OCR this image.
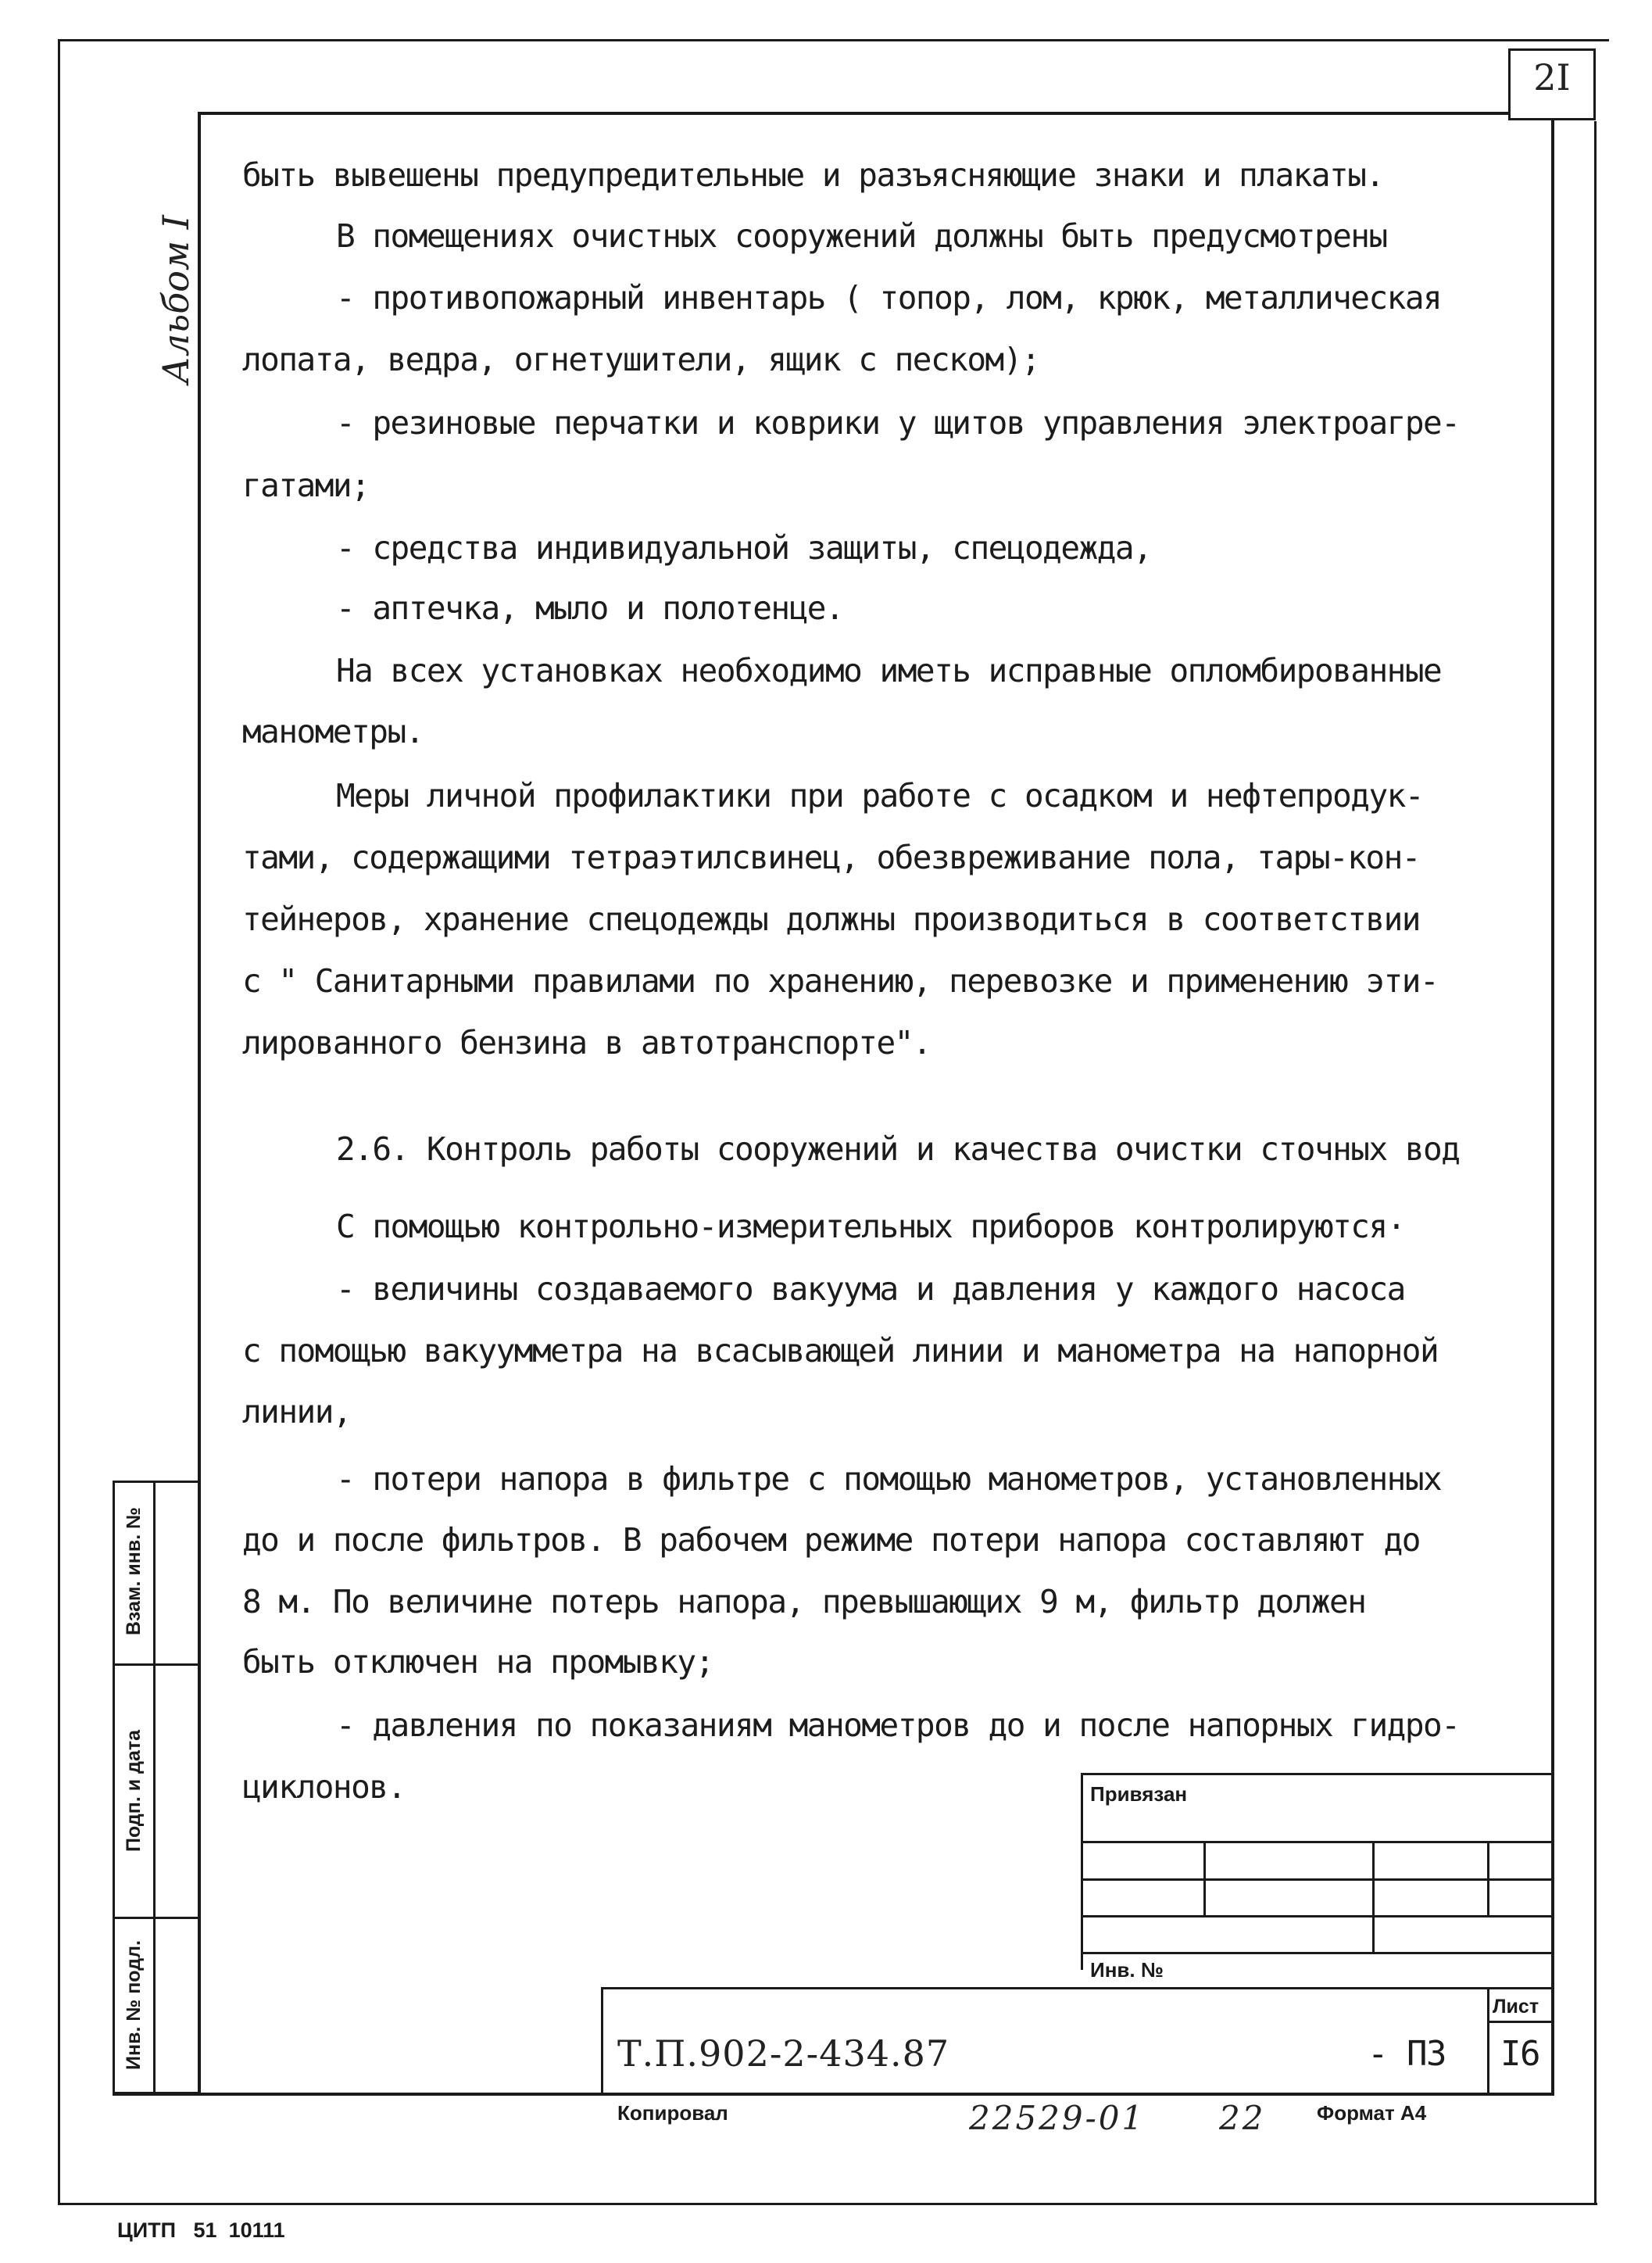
2I
Альбом I
Взам. инв. №
Подп. и дата
Инв. № подл.
быть вывешены предупредительные и разъясняющие знаки и плакаты.
В помещениях очистных сооружений должны быть предусмотрены
- противопожарный инвентарь ( топор, лом, крюк, металлическая
лопата, ведра, огнетушители, ящик с песком);
- резиновые перчатки и коврики у щитов управления электроагре-
гатами;
- средства индивидуальной защиты, спецодежда,
- аптечка, мыло и полотенце.
На всех установках необходимо иметь исправные опломбированные
манометры.
Меры личной профилактики при работе с осадком и нефтепродук-
тами, содержащими тетраэтилсвинец, обезвреживание пола, тары-кон-
тейнеров, хранение спецодежды должны производиться в соответствии
с " Санитарными правилами по хранению, перевозке и применению эти-
лированного бензина в автотранспорте".
2.6. Контроль работы сооружений и качества очистки сточных вод
С помощью контрольно-измерительных приборов контролируются·
- величины создаваемого вакуума и давления у каждого насоса
с помощью вакуумметра на всасывающей линии и манометра на напорной
линии,
- потери напора в фильтре с помощью манометров, установленных
до и после фильтров. В рабочем режиме потери напора составляют до
8 м. По величине потерь напора, превышающих 9 м, фильтр должен
быть отключен на промывку;
- давления по показаниям манометров до и после напорных гидро-
циклонов.	Привязан
Инв. №
Лист
Т.П.902-2-434.87	- ПЗ I6
Копировал	22529-01 22	Формат А4
ЦИТП   51  10111
